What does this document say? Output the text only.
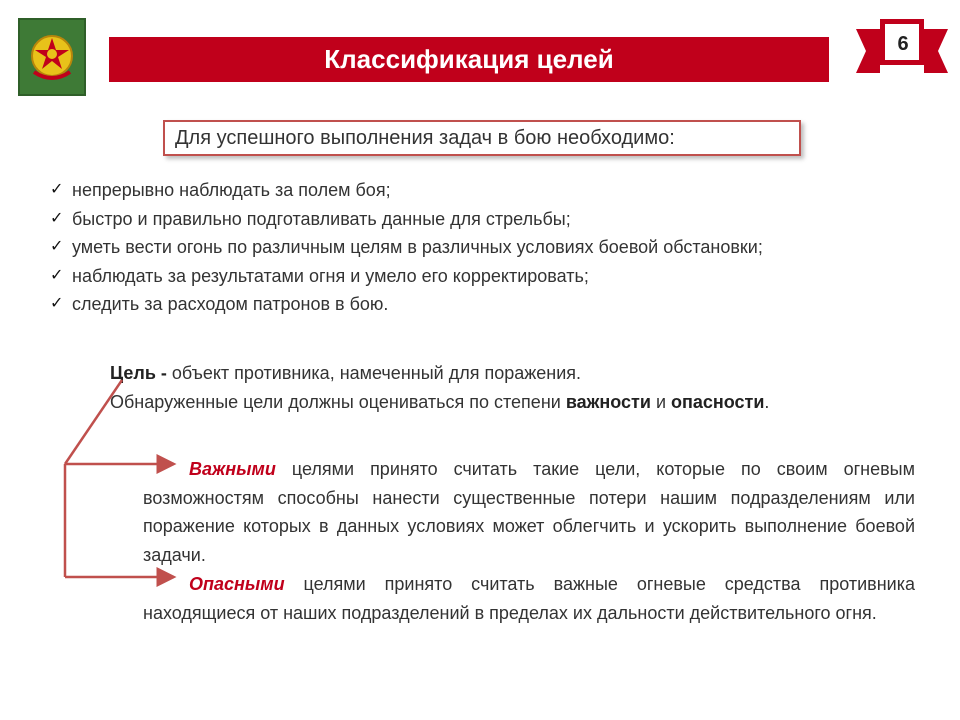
Классификация целей
6
Для успешного выполнения задач в бою необходимо:
✓ непрерывно наблюдать за полем боя;
✓ быстро и правильно подготавливать данные для стрельбы;
✓ уметь вести огонь по различным целям в различных условиях боевой обстановки;
✓ наблюдать за результатами огня и умело его корректировать;
✓ следить за расходом патронов в бою.
Цель - объект противника, намеченный для поражения.
Обнаруженные цели должны оцениваться по степени важности и опасности.
Важными целями принято считать такие цели, которые по своим огневым возможностям способны нанести существенные потери нашим подразделениям или поражение которых в данных условиях может облегчить и ускорить выполнение боевой задачи.
Опасными целями принято считать важные огневые средства противника находящиеся от наших подразделений в пределах их дальности действительного огня.
